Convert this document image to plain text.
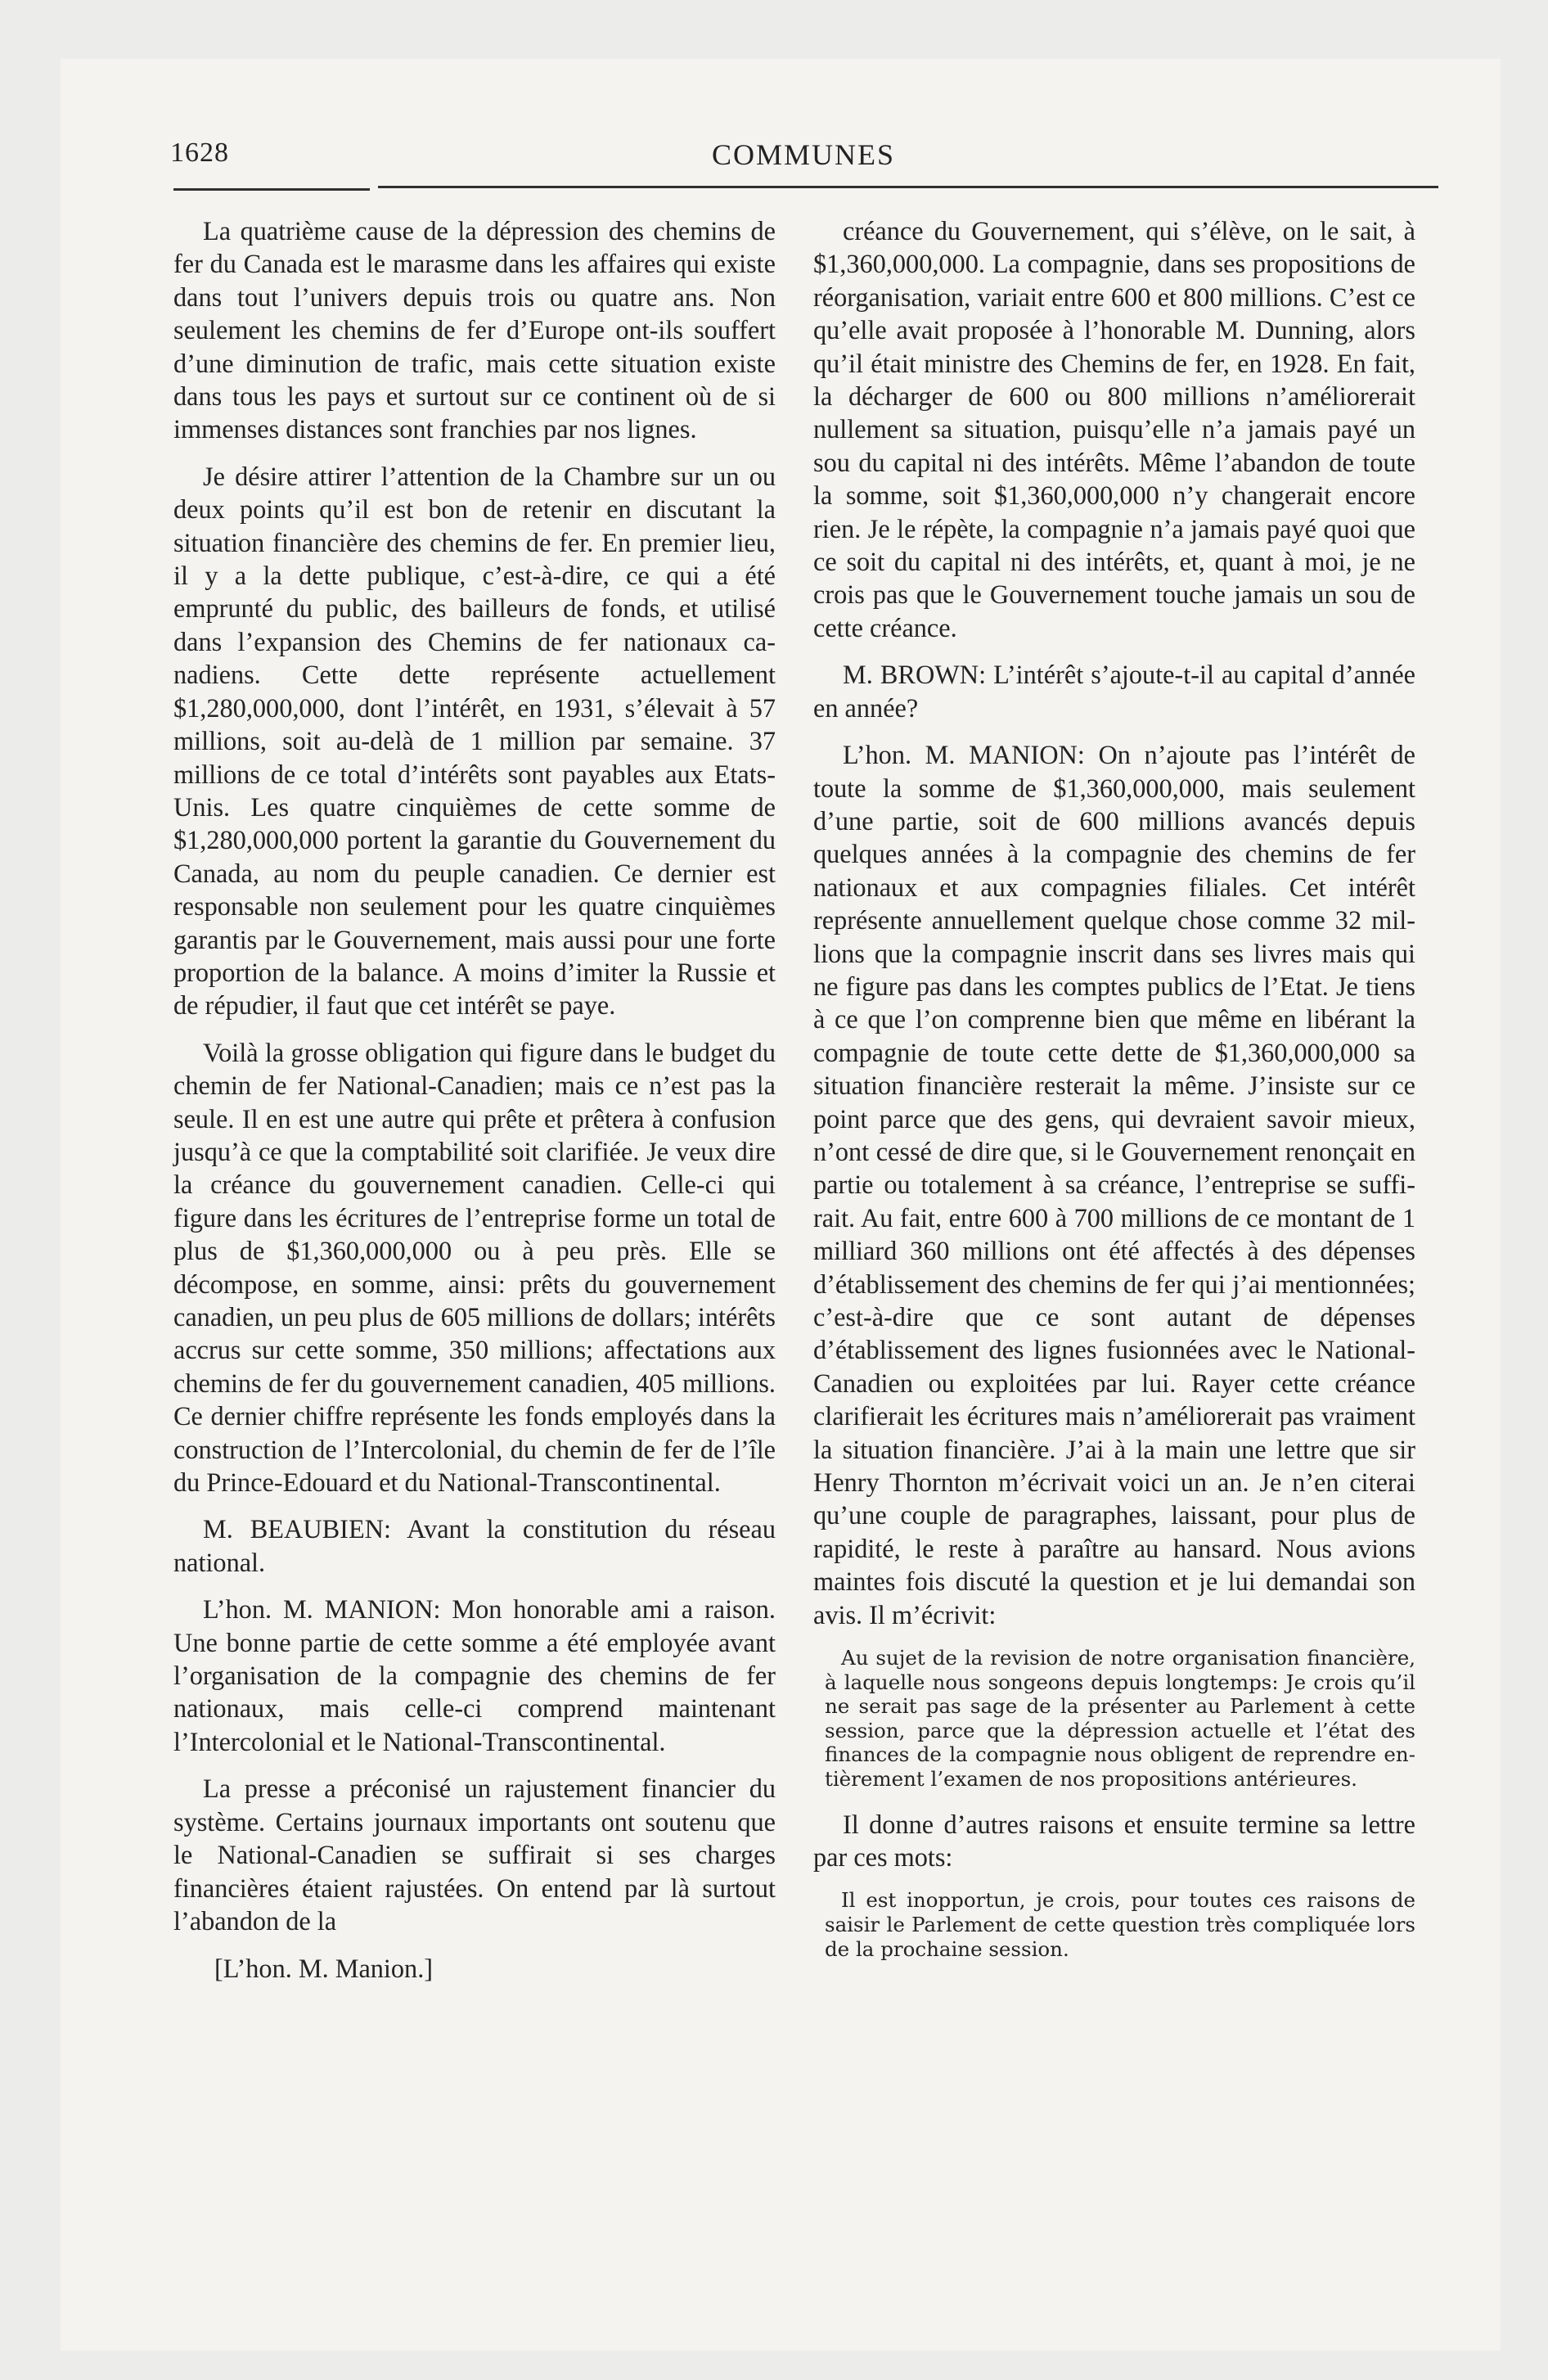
1628	COMMUNES

La quatrième cause de la dépression des chemins de fer du Canada est le marasme dans les affaires qui existe dans tout l’univers depuis trois ou quatre ans. Non seulement les chemins de fer d’Europe ont-ils souffert d’une diminution de trafic, mais cette situation existe dans tous les pays et surtout sur ce continent où de si immenses distances sont franchies par nos lignes.

Je désire attirer l’attention de la Chambre sur un ou deux points qu’il est bon de retenir en discutant la situation financière des chemins de fer. En premier lieu, il y a la dette publique, c’est-à-dire, ce qui a été emprunté du public, des bailleurs de fonds, et utilisé dans l’expansion des Chemins de fer nationaux canadiens. Cette dette représente actuellement $1,280,000,000, dont l’intérêt, en 1931, s’élevait à 57 millions, soit au-delà de 1 million par semaine. 37 millions de ce total d’intérêts sont payables aux Etats-Unis. Les quatre cinquièmes de cette somme de $1,280,000,000 portent la garantie du Gouvernement du Canada, au nom du peuple canadien. Ce dernier est responsable non seulement pour les quatre cinquièmes garantis par le Gouvernement, mais aussi pour une forte proportion de la balance. A moins d’imiter la Russie et de répudier, il faut que cet intérêt se paye.

Voilà la grosse obligation qui figure dans le budget du chemin de fer National-Canadien; mais ce n’est pas la seule. Il en est une autre qui prête et prêtera à confusion jusqu’à ce que la comptabilité soit clarifiée. Je veux dire la créance du gouvernement canadien. Celle-ci qui figure dans les écritures de l’entreprise forme un total de plus de $1,360,000,000 ou à peu près. Elle se décompose, en somme, ainsi: prêts du gouvernement canadien, un peu plus de 605 millions de dollars; intérêts accrus sur cette somme, 350 millions; affectations aux chemins de fer du gouvernement canadien, 405 millions. Ce dernier chiffre représente les fonds employés dans la construction de l’Intercolonial, du chemin de fer de l’île du Prince-Edouard et du National-Transcontinental.

M. BEAUBIEN: Avant la constitution du réseau national.

L’hon. M. MANION: Mon honorable ami a raison. Une bonne partie de cette somme a été employée avant l’organisation de la compagnie des chemins de fer nationaux, mais celle-ci comprend maintenant l’Intercolonial et le National-Transcontinental.

La presse a préconisé un rajustement financier du système. Certains journaux importants ont soutenu que le National-Canadien se suffirait si ses charges financières étaient rajustées. On entend par là surtout l’abandon de la

[L’hon. M. Manion.]

créance du Gouvernement, qui s’élève, on le sait, à $1,360,000,000. La compagnie, dans ses propositions de réorganisation, variait entre 600 et 800 millions. C’est ce qu’elle avait proposée à l’honorable M. Dunning, alors qu’il était ministre des Chemins de fer, en 1928. En fait, la décharger de 600 ou 800 millions n’améliorerait nullement sa situation, puisqu’elle n’a jamais payé un sou du capital ni des intérêts. Même l’abandon de toute la somme, soit $1,360,000,000 n’y changerait encore rien. Je le répète, la compagnie n’a jamais payé quoi que ce soit du capital ni des intérêts, et, quant à moi, je ne crois pas que le Gouvernement touche jamais un sou de cette créance.

M. BROWN: L’intérêt s’ajoute-t-il au capital d’année en année?

L’hon. M. MANION: On n’ajoute pas l’intérêt de toute la somme de $1,360,000,000, mais seulement d’une partie, soit de 600 millions avancés depuis quelques années à la compagnie des chemins de fer nationaux et aux compagnies filiales. Cet intérêt représente annuellement quelque chose comme 32 millions que la compagnie inscrit dans ses livres mais qui ne figure pas dans les comptes publics de l’Etat. Je tiens à ce que l’on comprenne bien que même en libérant la compagnie de toute cette dette de $1,360,000,000 sa situation financière resterait la même. J’insiste sur ce point parce que des gens, qui devraient savoir mieux, n’ont cessé de dire que, si le Gouvernement renonçait en partie ou totalement à sa créance, l’entreprise se suffirait. Au fait, entre 600 à 700 millions de ce montant de 1 milliard 360 millions ont été affectés à des dépenses d’établissement des chemins de fer qui j’ai mentionnées; c’est-à-dire que ce sont autant de dépenses d’établissement des lignes fusionnées avec le National-Canadien ou exploitées par lui. Rayer cette créance clarifierait les écritures mais n’améliorerait pas vraiment la situation financière. J’ai à la main une lettre que sir Henry Thornton m’écrivait voici un an. Je n’en citerai qu’une couple de paragraphes, laissant, pour plus de rapidité, le reste à paraître au hansard. Nous avions maintes fois discuté la question et je lui demandai son avis. Il m’écrivit:

Au sujet de la revision de notre organisation financière, à laquelle nous songeons depuis longtemps: Je crois qu’il ne serait pas sage de la présenter au Parlement à cette session, parce que la dépression actuelle et l’état des finances de la compagnie nous obligent de reprendre entièrement l’examen de nos propositions antérieures.

Il donne d’autres raisons et ensuite termine sa lettre par ces mots:

Il est inopportun, je crois, pour toutes ces raisons de saisir le Parlement de cette question très compliquée lors de la prochaine session.
